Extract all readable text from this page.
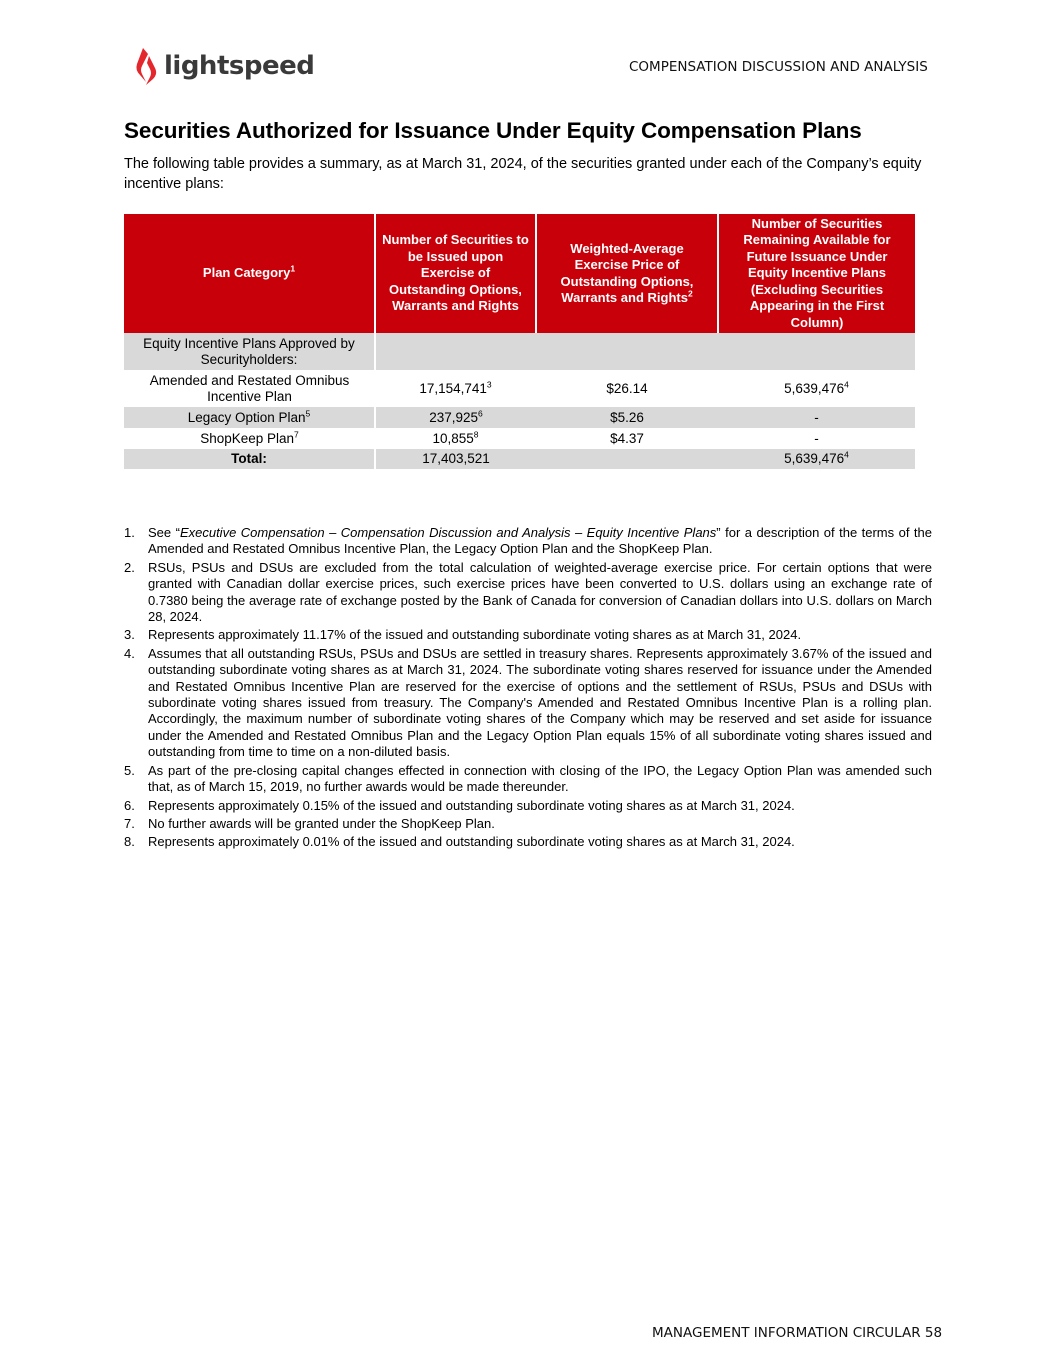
lightspeed	COMPENSATION DISCUSSION AND ANALYSIS
Securities Authorized for Issuance Under Equity Compensation Plans

The following table provides a summary, as at March 31, 2024, of the securities granted under each of the Company’s equity incentive plans:

Plan Category$^1$	Number of Securities to be Issued upon Exercise of Outstanding Options, Warrants and Rights	Weighted-Average Exercise Price of Outstanding Options, Warrants and Rights$^2$	Number of Securities Remaining Available for Future Issuance Under Equity Incentive Plans (Excluding Securities Appearing in the First Column)
Equity Incentive Plans Approved by Securityholders:			
Amended and Restated Omnibus Incentive Plan	17,154,741$^3$	$26.14	5,639,476$^4$
Legacy Option Plan$^5$	237,925$^6$	$5.26	-
ShopKeep Plan$^7$	10,855$^8$	$4.37	-
Total:	17,403,521		5,639,476$^4$
1. See “Executive Compensation – Compensation Discussion and Analysis – Equity Incentive Plans” for a description of the terms of the Amended and Restated Omnibus Incentive Plan, the Legacy Option Plan and the ShopKeep Plan.
2. RSUs, PSUs and DSUs are excluded from the total calculation of weighted-average exercise price. For certain options that were granted with Canadian dollar exercise prices, such exercise prices have been converted to U.S. dollars using an exchange rate of 0.7380 being the average rate of exchange posted by the Bank of Canada for conversion of Canadian dollars into U.S. dollars on March 28, 2024.
3. Represents approximately 11.17% of the issued and outstanding subordinate voting shares as at March 31, 2024.
4. Assumes that all outstanding RSUs, PSUs and DSUs are settled in treasury shares. Represents approximately 3.67% of the issued and outstanding subordinate voting shares as at March 31, 2024. The subordinate voting shares reserved for issuance under the Amended and Restated Omnibus Incentive Plan are reserved for the exercise of options and the settlement of RSUs, PSUs and DSUs with subordinate voting shares issued from treasury. The Company's Amended and Restated Omnibus Incentive Plan is a rolling plan. Accordingly, the maximum number of subordinate voting shares of the Company which may be reserved and set aside for issuance under the Amended and Restated Omnibus Plan and the Legacy Option Plan equals 15% of all subordinate voting shares issued and outstanding from time to time on a non-diluted basis.
5. As part of the pre-closing capital changes effected in connection with closing of the IPO, the Legacy Option Plan was amended such that, as of March 15, 2019, no further awards would be made thereunder.
6. Represents approximately 0.15% of the issued and outstanding subordinate voting shares as at March 31, 2024.
7. No further awards will be granted under the ShopKeep Plan.
8. Represents approximately 0.01% of the issued and outstanding subordinate voting shares as at March 31, 2024.
MANAGEMENT INFORMATION CIRCULAR 58
